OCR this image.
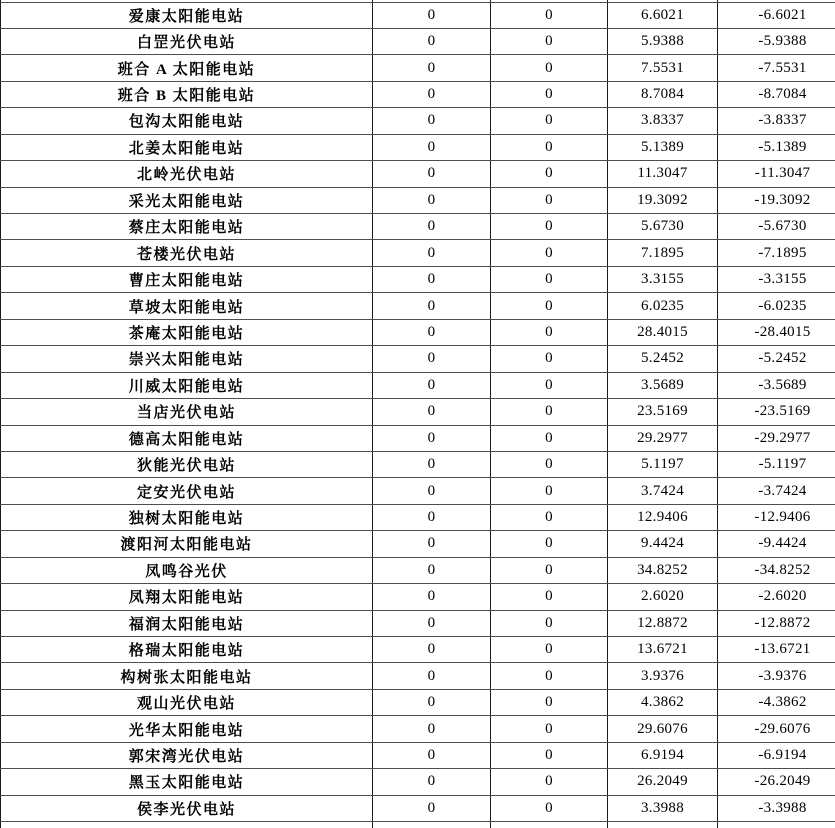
爱康太阳能电站	0	0	6.6021	-6.6021
白罡光伏电站	0	0	5.9388	-5.9388
班合 A 太阳能电站	0	0	7.5531	-7.5531
班合 B 太阳能电站	0	0	8.7084	-8.7084
包沟太阳能电站	0	0	3.8337	-3.8337
北姜太阳能电站	0	0	5.1389	-5.1389
北岭光伏电站	0	0	11.3047	-11.3047
采光太阳能电站	0	0	19.3092	-19.3092
蔡庄太阳能电站	0	0	5.6730	-5.6730
苍楼光伏电站	0	0	7.1895	-7.1895
曹庄太阳能电站	0	0	3.3155	-3.3155
草坡太阳能电站	0	0	6.0235	-6.0235
茶庵太阳能电站	0	0	28.4015	-28.4015
崇兴太阳能电站	0	0	5.2452	-5.2452
川威太阳能电站	0	0	3.5689	-3.5689
当店光伏电站	0	0	23.5169	-23.5169
德高太阳能电站	0	0	29.2977	-29.2977
狄能光伏电站	0	0	5.1197	-5.1197
定安光伏电站	0	0	3.7424	-3.7424
独树太阳能电站	0	0	12.9406	-12.9406
渡阳河太阳能电站	0	0	9.4424	-9.4424
凤鸣谷光伏	0	0	34.8252	-34.8252
凤翔太阳能电站	0	0	2.6020	-2.6020
福润太阳能电站	0	0	12.8872	-12.8872
格瑞太阳能电站	0	0	13.6721	-13.6721
构树张太阳能电站	0	0	3.9376	-3.9376
观山光伏电站	0	0	4.3862	-4.3862
光华太阳能电站	0	0	29.6076	-29.6076
郭宋湾光伏电站	0	0	6.9194	-6.9194
黑玉太阳能电站	0	0	26.2049	-26.2049
侯李光伏电站	0	0	3.3988	-3.3988
